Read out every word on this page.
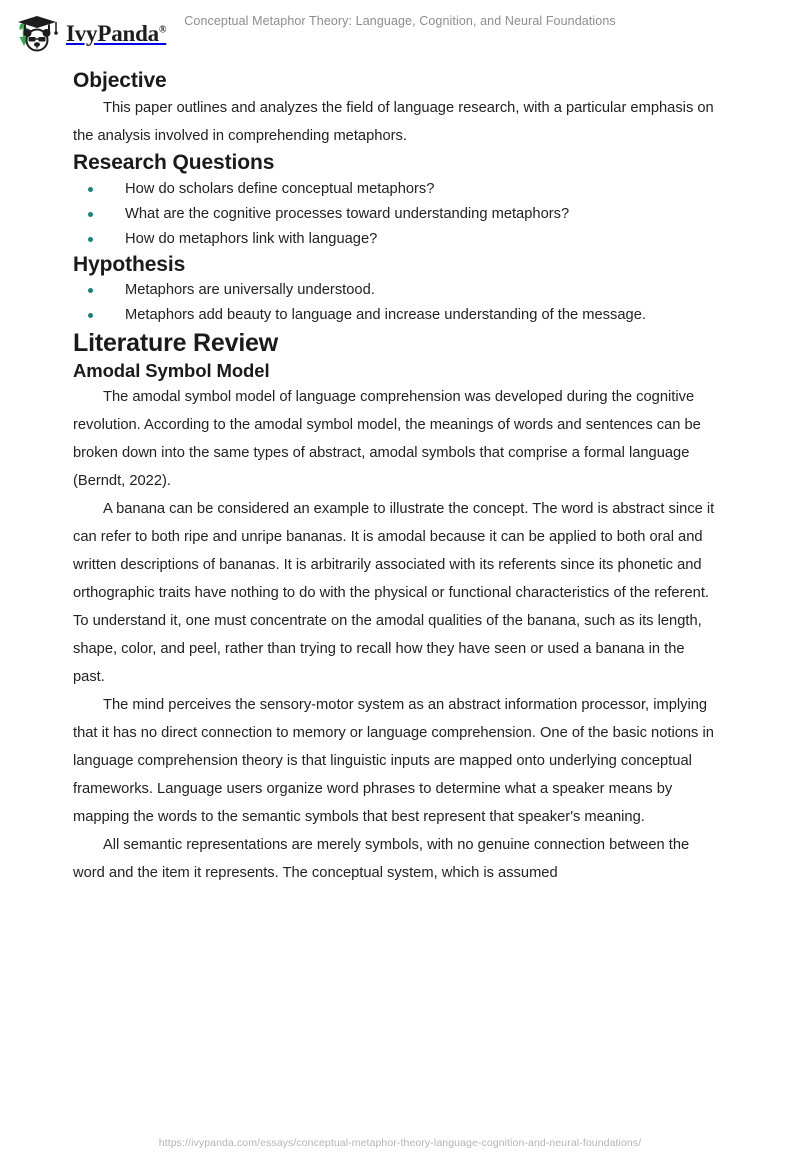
IvyPanda®
Conceptual Metaphor Theory: Language, Cognition, and Neural Foundations
Objective

This paper outlines and analyzes the field of language research, with a particular emphasis on the analysis involved in comprehending metaphors.

Research Questions
How do scholars define conceptual metaphors?
What are the cognitive processes toward understanding metaphors?
How do metaphors link with language?
Hypothesis
Metaphors are universally understood.
Metaphors add beauty to language and increase understanding of the message.
Literature Review
Amodal Symbol Model

The amodal symbol model of language comprehension was developed during the cognitive revolution. According to the amodal symbol model, the meanings of words and sentences can be broken down into the same types of abstract, amodal symbols that comprise a formal language (Berndt, 2022).

A banana can be considered an example to illustrate the concept. The word is abstract since it can refer to both ripe and unripe bananas. It is amodal because it can be applied to both oral and written descriptions of bananas. It is arbitrarily associated with its referents since its phonetic and orthographic traits have nothing to do with the physical or functional characteristics of the referent. To understand it, one must concentrate on the amodal qualities of the banana, such as its length, shape, color, and peel, rather than trying to recall how they have seen or used a banana in the past.

The mind perceives the sensory-motor system as an abstract information processor, implying that it has no direct connection to memory or language comprehension. One of the basic notions in language comprehension theory is that linguistic inputs are mapped onto underlying conceptual frameworks. Language users organize word phrases to determine what a speaker means by mapping the words to the semantic symbols that best represent that speaker's meaning.

All semantic representations are merely symbols, with no genuine connection between the word and the item it represents. The conceptual system, which is assumed

https://ivypanda.com/essays/conceptual-metaphor-theory-language-cognition-and-neural-foundations/
